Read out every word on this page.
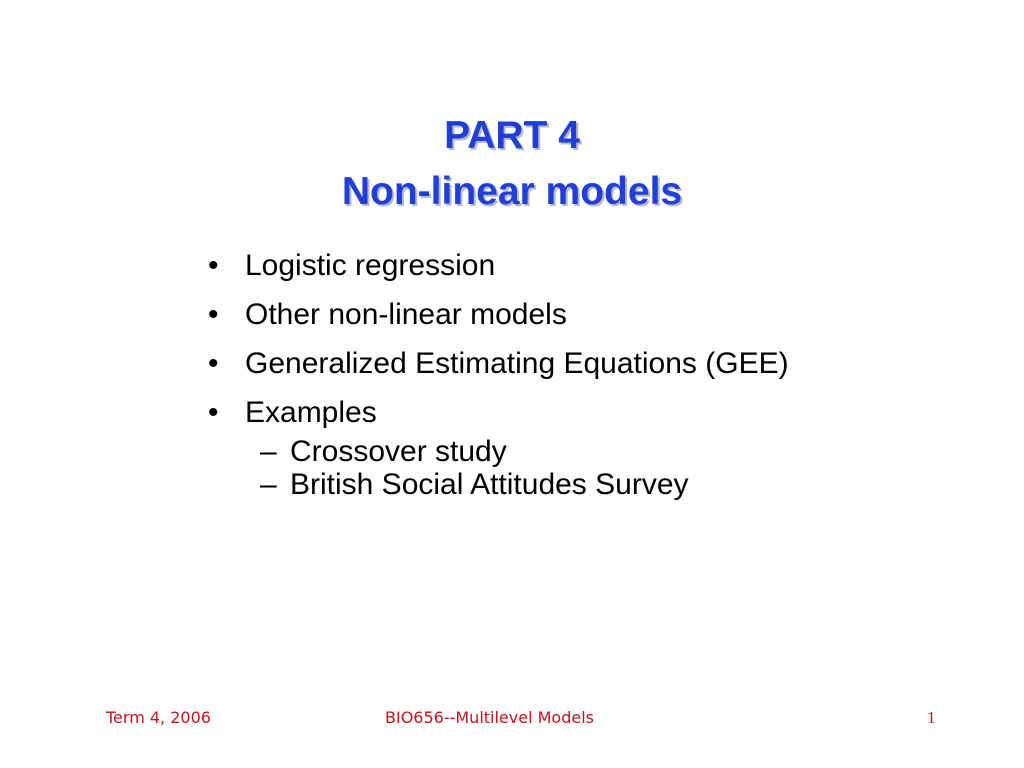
PART 4
Non-linear models
• Logistic regression
• Other non-linear models
• Generalized Estimating Equations (GEE)
• Examples
– Crossover study
– British Social Attitudes Survey
Term 4, 2006	BIO656--Multilevel Models	1
